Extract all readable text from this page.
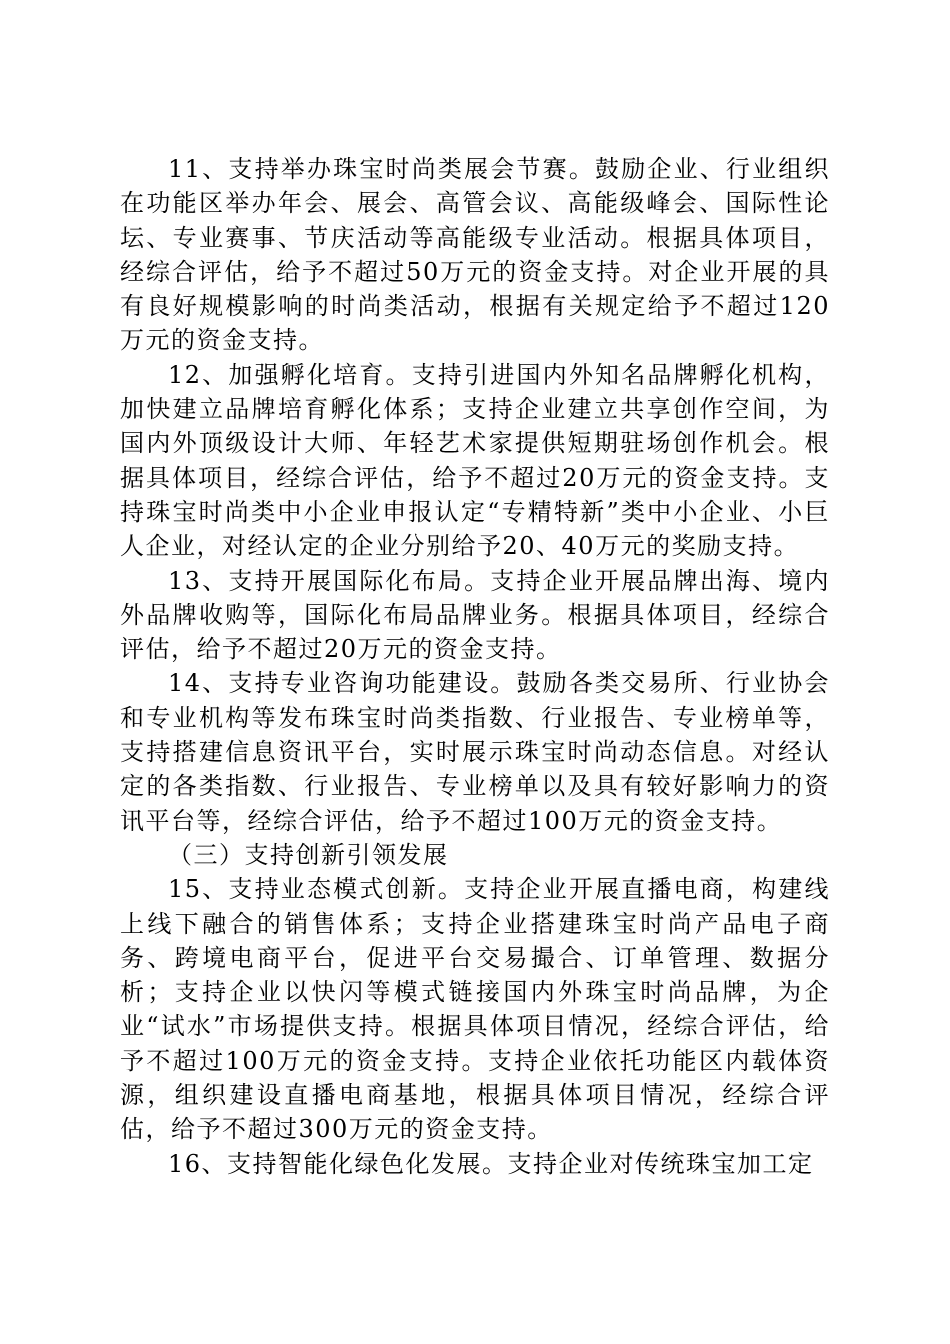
11、支持举办珠宝时尚类展会节赛。鼓励企业、行业组织在功能区举办年会、展会、高管会议、高能级峰会、国际性论坛、专业赛事、节庆活动等高能级专业活动。根据具体项目，经综合评估，给予不超过50万元的资金支持。对企业开展的具有良好规模影响的时尚类活动，根据有关规定给予不超过120万元的资金支持。

12、加强孵化培育。支持引进国内外知名品牌孵化机构，加快建立品牌培育孵化体系；支持企业建立共享创作空间，为国内外顶级设计大师、年轻艺术家提供短期驻场创作机会。根据具体项目，经综合评估，给予不超过20万元的资金支持。支持珠宝时尚类中小企业申报认定“专精特新”类中小企业、小巨人企业，对经认定的企业分别给予20、40万元的奖励支持。

13、支持开展国际化布局。支持企业开展品牌出海、境内外品牌收购等，国际化布局品牌业务。根据具体项目，经综合评估，给予不超过20万元的资金支持。

14、支持专业咨询功能建设。鼓励各类交易所、行业协会和专业机构等发布珠宝时尚类指数、行业报告、专业榜单等，支持搭建信息资讯平台，实时展示珠宝时尚动态信息。对经认定的各类指数、行业报告、专业榜单以及具有较好影响力的资讯平台等，经综合评估，给予不超过100万元的资金支持。

（三）支持创新引领发展

15、支持业态模式创新。支持企业开展直播电商，构建线上线下融合的销售体系；支持企业搭建珠宝时尚产品电子商务、跨境电商平台，促进平台交易撮合、订单管理、数据分析；支持企业以快闪等模式链接国内外珠宝时尚品牌，为企业“试水”市场提供支持。根据具体项目情况，经综合评估，给予不超过100万元的资金支持。支持企业依托功能区内载体资源，组织建设直播电商基地，根据具体项目情况，经综合评估，给予不超过300万元的资金支持。

16、支持智能化绿色化发展。支持企业对传统珠宝加工定
